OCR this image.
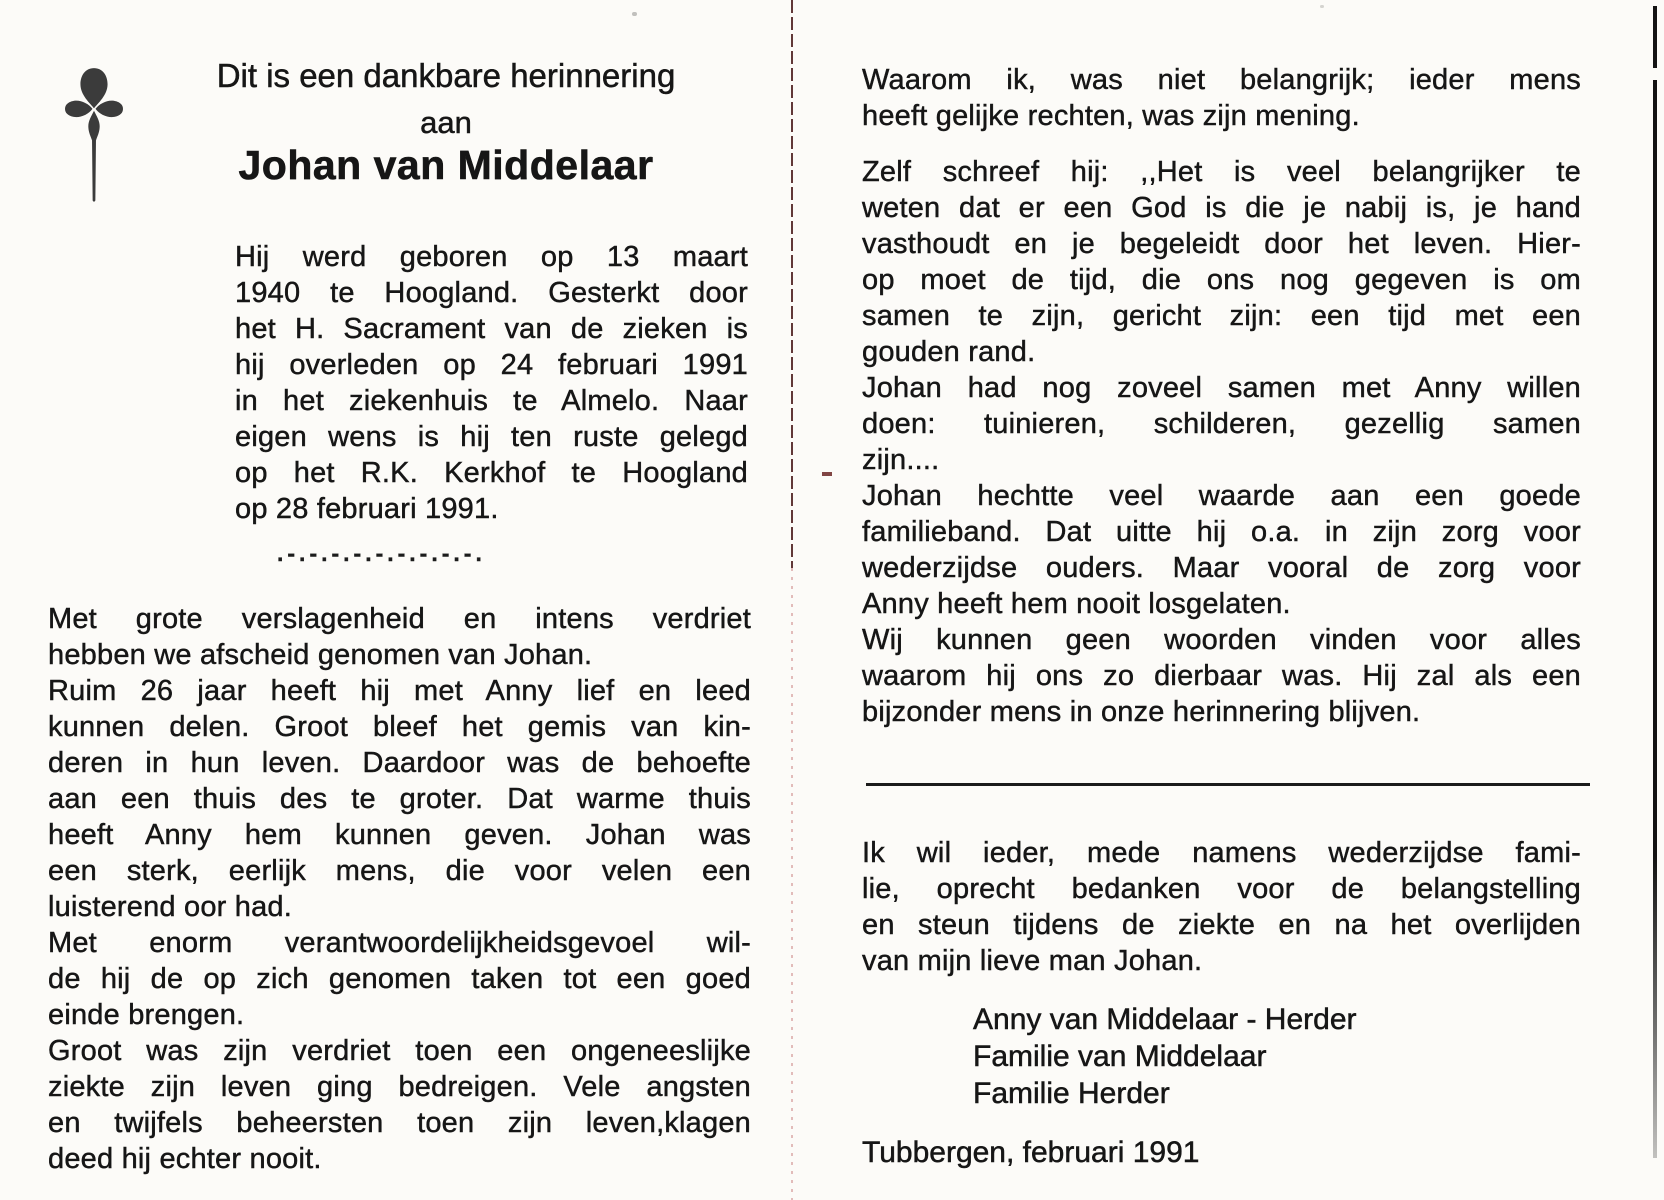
Dit is een dankbare herinnering
aan
Johan van Middelaar
Hij werd geboren op 13 maart
1940 te Hoogland. Gesterkt door
het H. Sacrament van de zieken is
hij overleden op 24 februari 1991
in het ziekenhuis te Almelo. Naar
eigen wens is hij ten ruste gelegd
op het R.K. Kerkhof te Hoogland
op 28 februari 1991.
.-.-.-.-.-.-.-.-.-.
Met grote verslagenheid en intens verdriet
hebben we afscheid genomen van Johan.
Ruim 26 jaar heeft hij met Anny lief en leed
kunnen delen. Groot bleef het gemis van kin-
deren in hun leven. Daardoor was de behoefte
aan een thuis des te groter. Dat warme thuis
heeft Anny hem kunnen geven. Johan was
een sterk, eerlijk mens, die voor velen een
luisterend oor had.
Met enorm verantwoordelijkheidsgevoel wil-
de hij de op zich genomen taken tot een goed
einde brengen.
Groot was zijn verdriet toen een ongeneeslijke
ziekte zijn leven ging bedreigen. Vele angsten
en twijfels beheersten toen zijn leven,klagen
deed hij echter nooit.
Waarom ik, was niet belangrijk; ieder mens
heeft gelijke rechten, was zijn mening.
Zelf schreef hij: ,,Het is veel belangrijker te
weten dat er een God is die je nabij is, je hand
vasthoudt en je begeleidt door het leven. Hier-
op moet de tijd, die ons nog gegeven is om
samen te zijn, gericht zijn: een tijd met een
gouden rand.
Johan had nog zoveel samen met Anny willen
doen: tuinieren, schilderen, gezellig samen
zijn....
Johan hechtte veel waarde aan een goede
familieband. Dat uitte hij o.a. in zijn zorg voor
wederzijdse ouders. Maar vooral de zorg voor
Anny heeft hem nooit losgelaten.
Wij kunnen geen woorden vinden voor alles
waarom hij ons zo dierbaar was. Hij zal als een
bijzonder mens in onze herinnering blijven.
Ik wil ieder, mede namens wederzijdse fami-
lie, oprecht bedanken voor de belangstelling
en steun tijdens de ziekte en na het overlijden
van mijn lieve man Johan.
Anny van Middelaar - Herder
Familie van Middelaar
Familie Herder
Tubbergen, februari 1991
